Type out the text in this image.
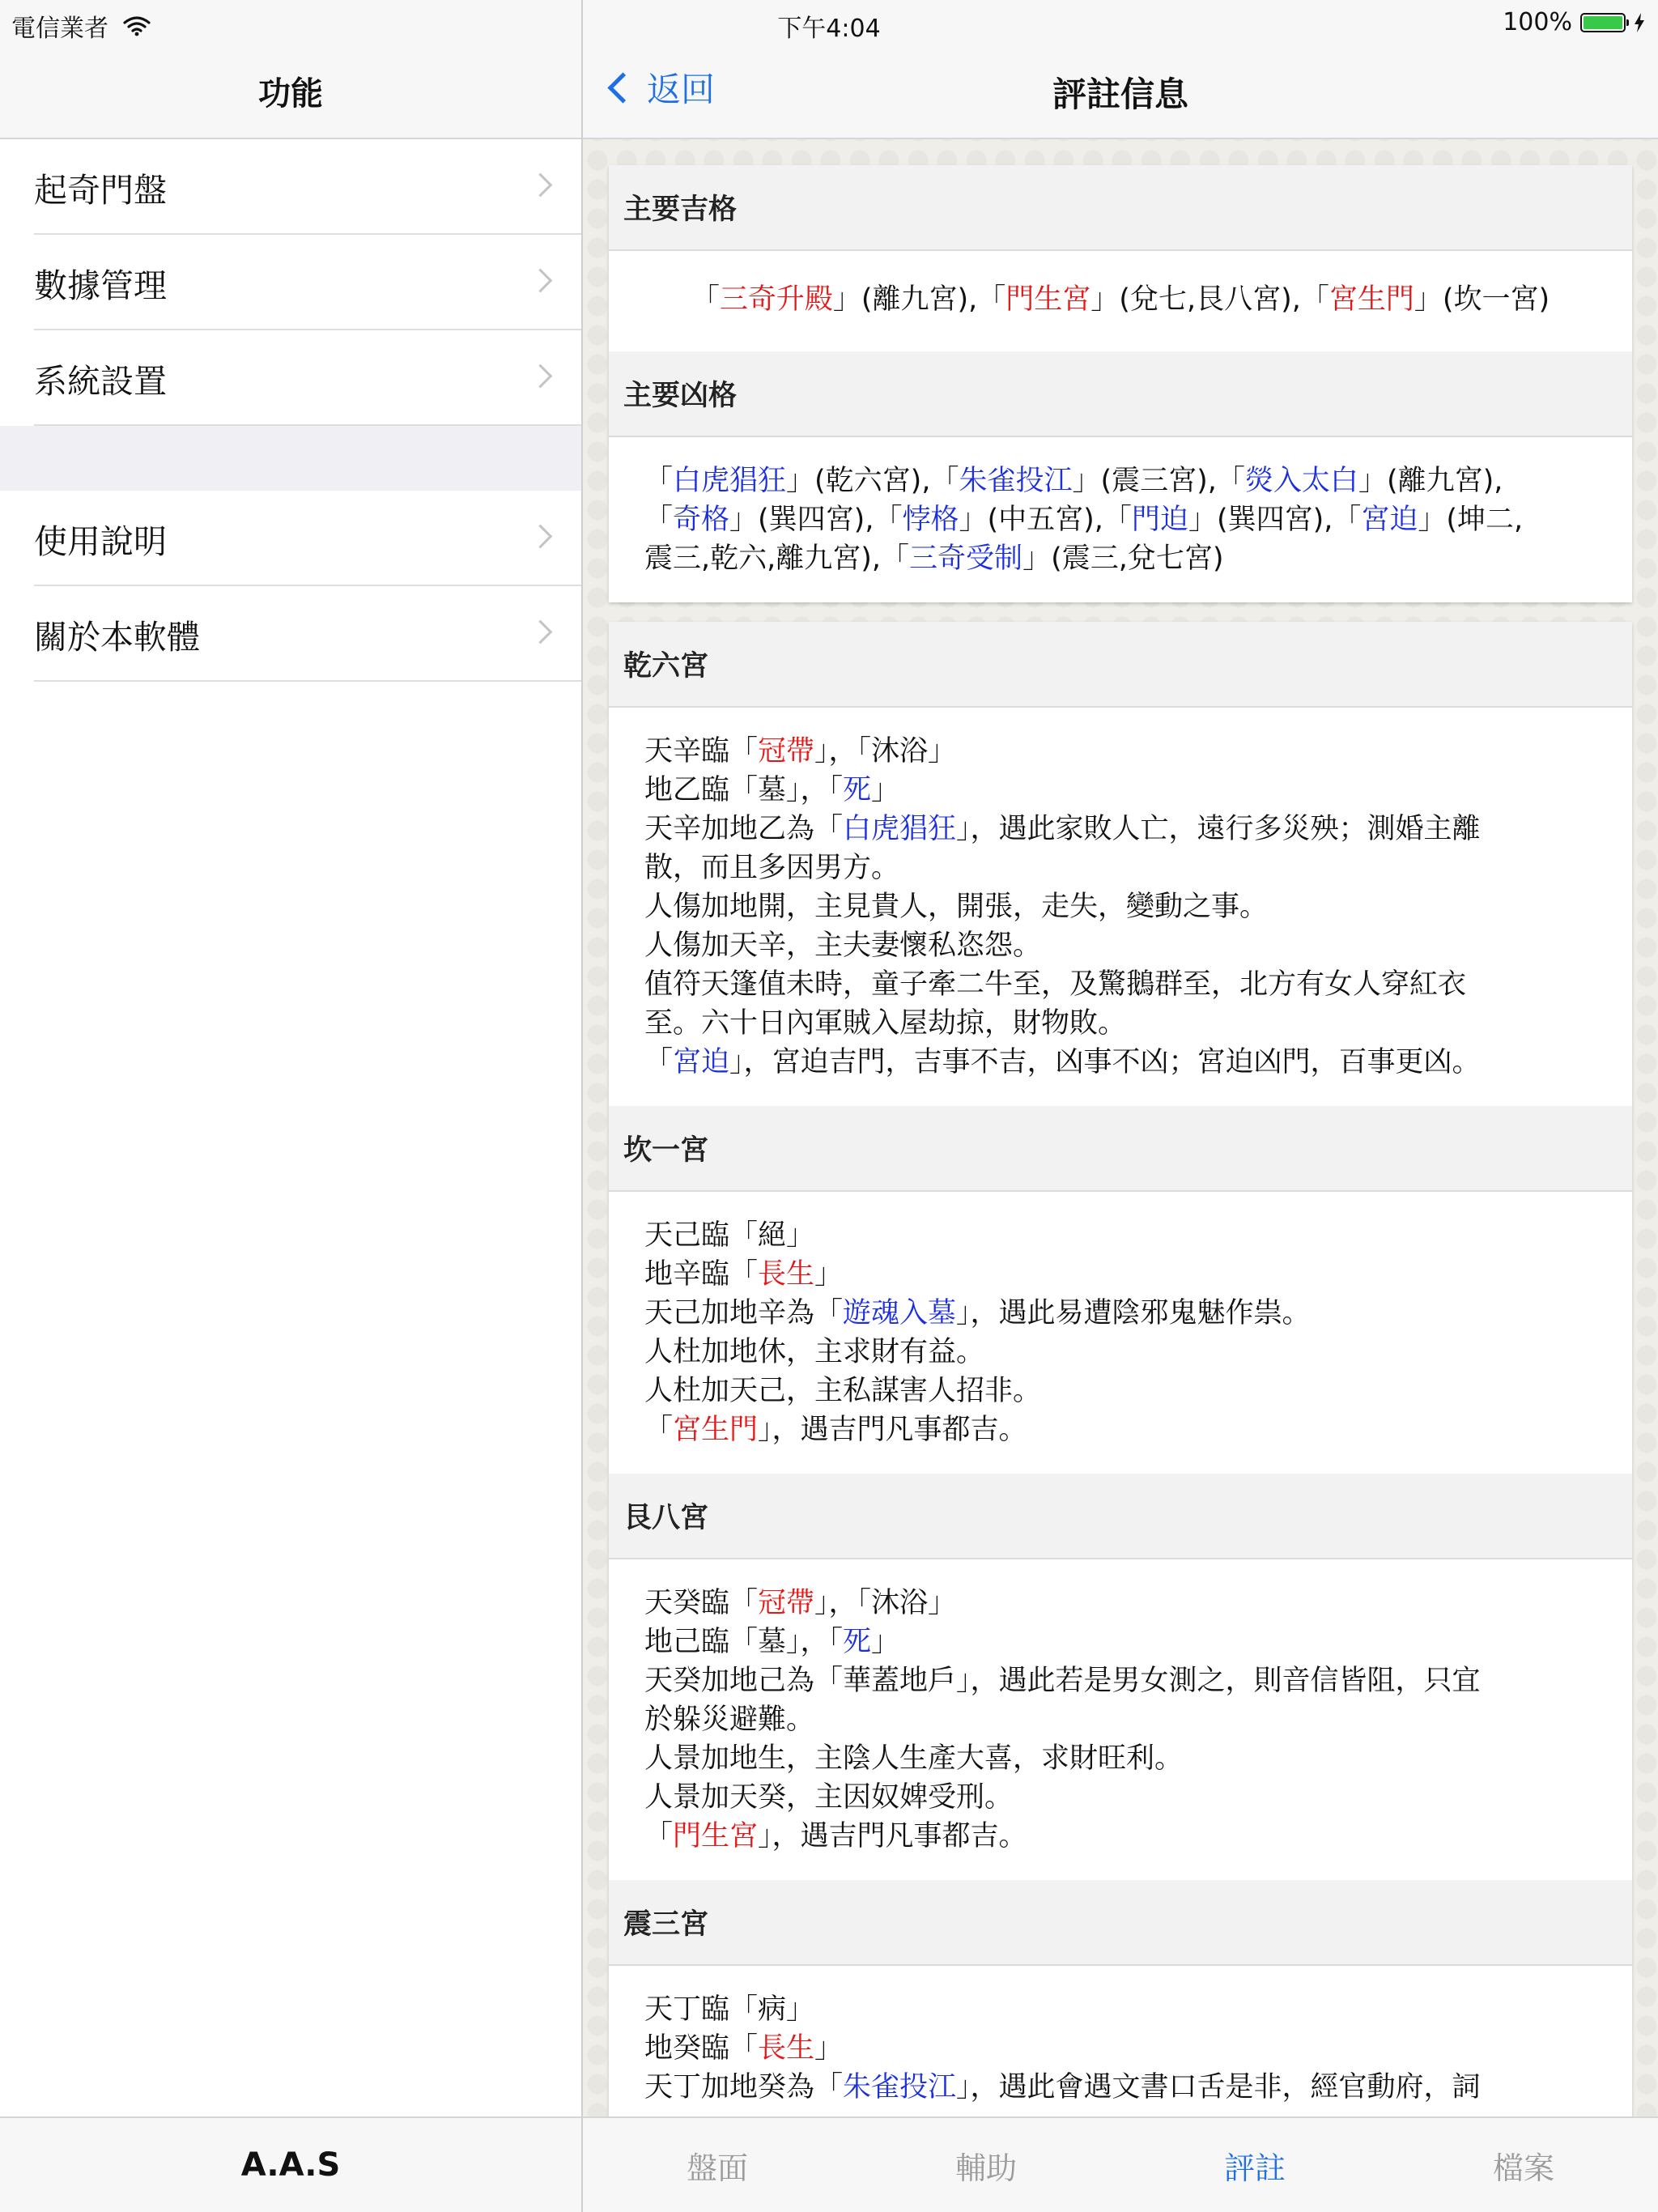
功能
起奇門盤
數據管理
系統設置
使用說明
關於本軟體
A.A.S
返回	評註信息
主要吉格
「三奇升殿」(離九宮),「門生宮」(兌七,艮八宮),「宮生門」(坎一宮)
主要凶格
「白虎猖狂」(乾六宮),「朱雀投江」(震三宮),「熒入太白」(離九宮),
「奇格」(巽四宮),「悖格」(中五宮),「門迫」(巽四宮),「宮迫」(坤二,
震三,乾六,離九宮),「三奇受制」(震三,兌七宮)
乾六宮
天辛臨「冠帶」，「沐浴」
地乙臨「墓」，「死」
天辛加地乙為「白虎猖狂」，遇此家敗人亡，遠行多災殃；測婚主離
散，而且多因男方。
人傷加地開，主見貴人，開張，走失，變動之事。
人傷加天辛，主夫妻懷私恣怨。
值符天篷值未時，童子牽二牛至，及驚鵝群至，北方有女人穿紅衣
至。六十日內軍賊入屋劫掠，財物敗。
「宮迫」，宮迫吉門，吉事不吉，凶事不凶；宮迫凶門，百事更凶。
坎一宮
天己臨「絕」
地辛臨「長生」
天己加地辛為「遊魂入墓」，遇此易遭陰邪鬼魅作祟。
人杜加地休，主求財有益。
人杜加天己，主私謀害人招非。
「宮生門」，遇吉門凡事都吉。
艮八宮
天癸臨「冠帶」，「沐浴」
地己臨「墓」，「死」
天癸加地己為「華蓋地戶」，遇此若是男女測之，則音信皆阻，只宜
於躲災避難。
人景加地生，主陰人生產大喜，求財旺利。
人景加天癸，主因奴婢受刑。
「門生宮」，遇吉門凡事都吉。
震三宮
天丁臨「病」
地癸臨「長生」
天丁加地癸為「朱雀投江」，遇此會遇文書口舌是非，經官動府，詞
盤面	輔助	評註	檔案
電信業者	下午4:04	100%
